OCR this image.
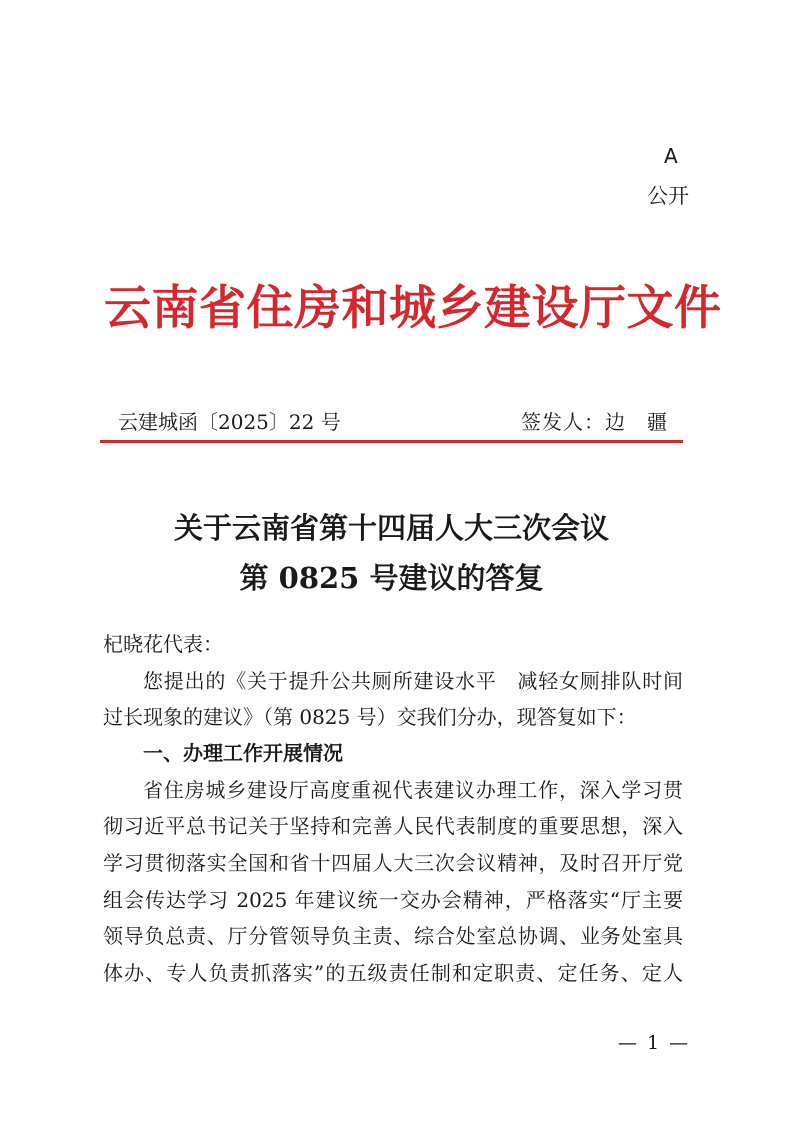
A
公开
云南省住房和城乡建设厅文件
云建城函〔2025〕22 号	签发人：边　疆
关于云南省第十四届人大三次会议
第 0825 号建议的答复
杞晓花代表：
您提出的《关于提升公共厕所建设水平　减轻女厕排队时间
过长现象的建议》（第 0825 号）交我们分办，现答复如下：
一、办理工作开展情况
省住房城乡建设厅高度重视代表建议办理工作，深入学习贯
彻习近平总书记关于坚持和完善人民代表制度的重要思想，深入
学习贯彻落实全国和省十四届人大三次会议精神，及时召开厅党
组会传达学习 2025 年建议统一交办会精神，严格落实“厅主要
领导负总责、厅分管领导负主责、综合处室总协调、业务处室具
体办、专人负责抓落实”的五级责任制和定职责、定任务、定人
— 1 —
